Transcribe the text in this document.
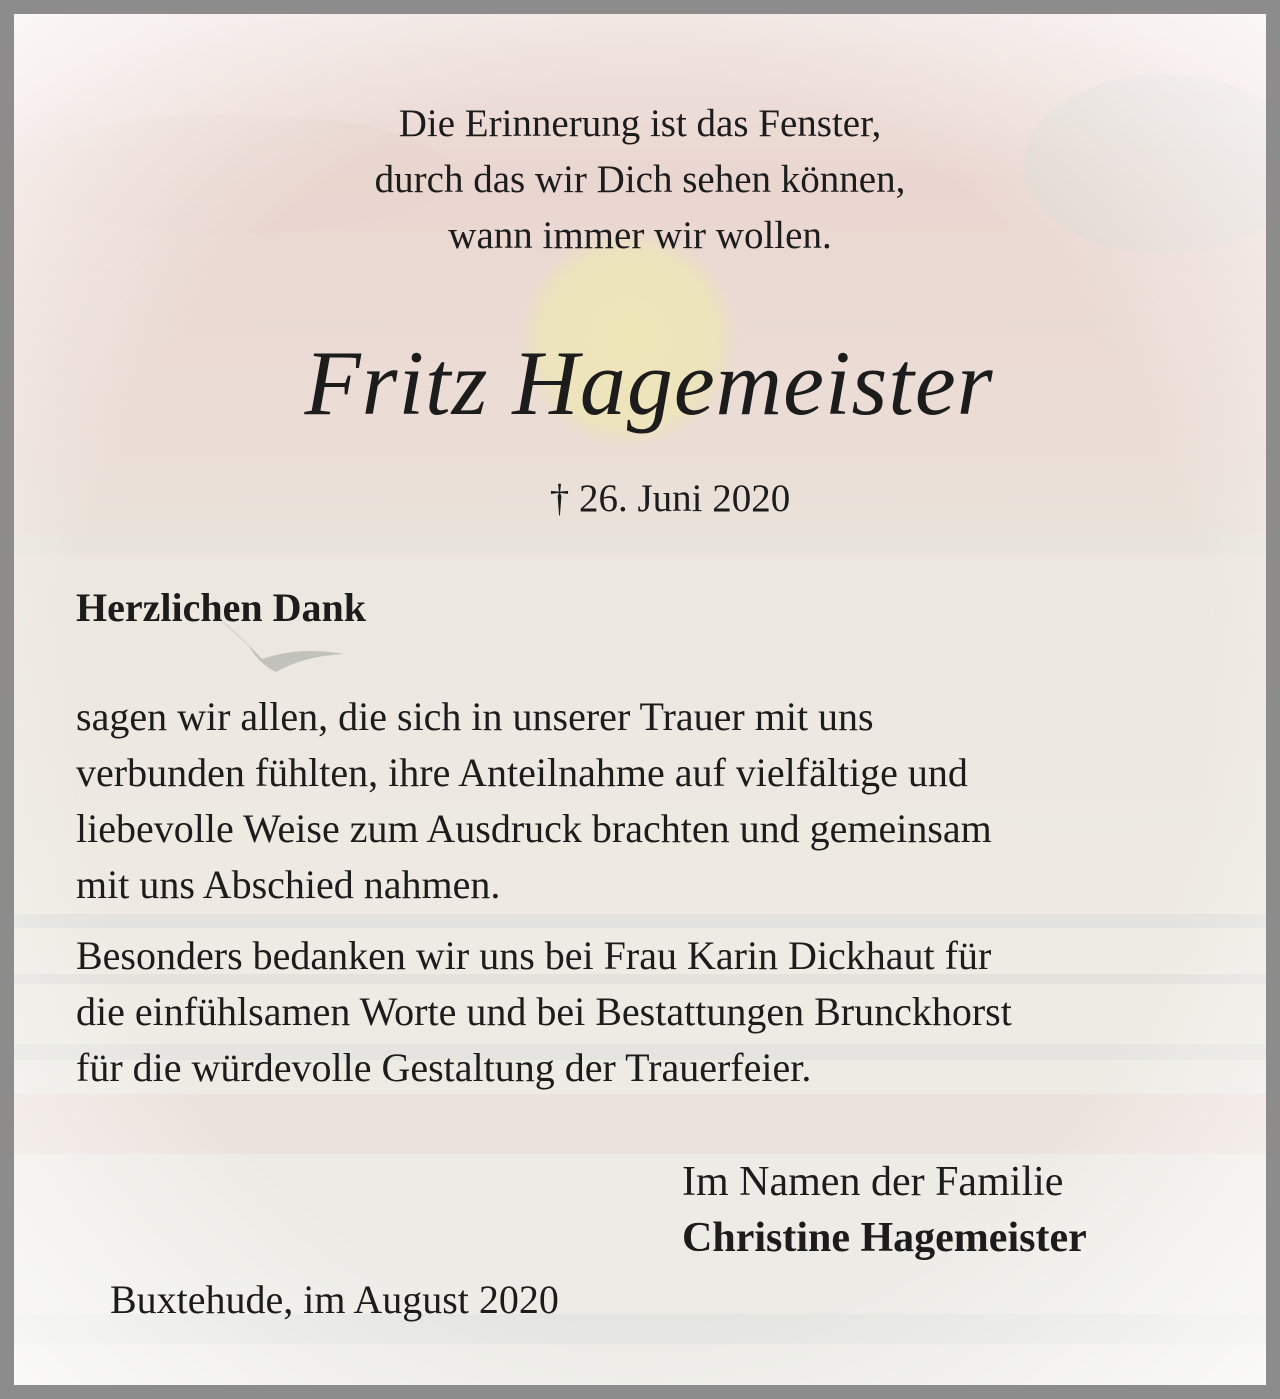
Die Erinnerung ist das Fenster,
durch das wir Dich sehen können,
wann immer wir wollen.

Fritz Hagemeister
† 26. Juni 2020
Herzlichen Dank

sagen wir allen, die sich in unserer Trauer mit uns
verbunden fühlten, ihre Anteilnahme auf vielfältige und
liebevolle Weise zum Ausdruck brachten und gemeinsam
mit uns Abschied nahmen.

Besonders bedanken wir uns bei Frau Karin Dickhaut für
die einfühlsamen Worte und bei Bestattungen Brunckhorst
für die würdevolle Gestaltung der Trauerfeier.

Im Namen der Familie
Christine Hagemeister
Buxtehude, im August 2020
